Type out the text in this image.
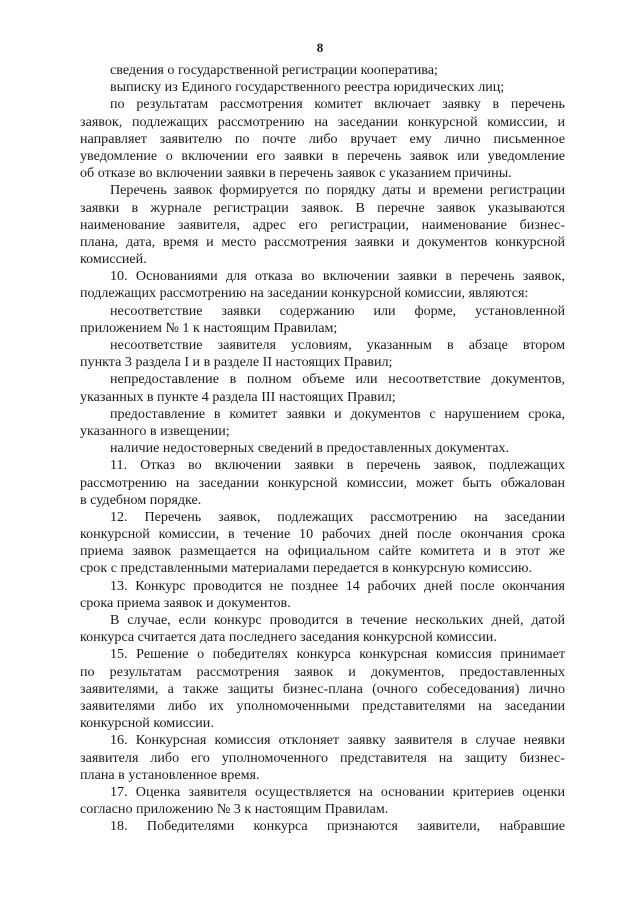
8
сведения о государственной регистрации кооператива;
выписку из Единого государственного реестра юридических лиц;
по результатам рассмотрения комитет включает заявку в перечень
заявок, подлежащих рассмотрению на заседании конкурсной комиссии, и
направляет заявителю по почте либо вручает ему лично письменное
уведомление о включении его заявки в перечень заявок или уведомление
об отказе во включении заявки в перечень заявок с указанием причины.
Перечень заявок формируется по порядку даты и времени регистрации
заявки в журнале регистрации заявок. В перечне заявок указываются
наименование заявителя, адрес его регистрации, наименование бизнес-
плана, дата, время и место рассмотрения заявки и документов конкурсной
комиссией.
10. Основаниями для отказа во включении заявки в перечень заявок,
подлежащих рассмотрению на заседании конкурсной комиссии, являются:
несоответствие заявки содержанию или форме, установленной
приложением № 1 к настоящим Правилам;
несоответствие заявителя условиям, указанным в абзаце втором
пункта 3 раздела I и в разделе II настоящих Правил;
непредоставление в полном объеме или несоответствие документов,
указанных в пункте 4 раздела III настоящих Правил;
предоставление в комитет заявки и документов с нарушением срока,
указанного в извещении;
наличие недостоверных сведений в предоставленных документах.
11. Отказ во включении заявки в перечень заявок, подлежащих
рассмотрению на заседании конкурсной комиссии, может быть обжалован
в судебном порядке.
12. Перечень заявок, подлежащих рассмотрению на заседании
конкурсной комиссии, в течение 10 рабочих дней после окончания срока
приема заявок размещается на официальном сайте комитета и в этот же
срок с представленными материалами передается в конкурсную комиссию.
13. Конкурс проводится не позднее 14 рабочих дней после окончания
срока приема заявок и документов.
В случае, если конкурс проводится в течение нескольких дней, датой
конкурса считается дата последнего заседания конкурсной комиссии.
15. Решение о победителях конкурса конкурсная комиссия принимает
по результатам рассмотрения заявок и документов, предоставленных
заявителями, а также защиты бизнес-плана (очного собеседования) лично
заявителями либо их уполномоченными представителями на заседании
конкурсной комиссии.
16. Конкурсная комиссия отклоняет заявку заявителя в случае неявки
заявителя либо его уполномоченного представителя на защиту бизнес-
плана в установленное время.
17. Оценка заявителя осуществляется на основании критериев оценки
согласно приложению № 3 к настоящим Правилам.
18. Победителями конкурса признаются заявители, набравшие
